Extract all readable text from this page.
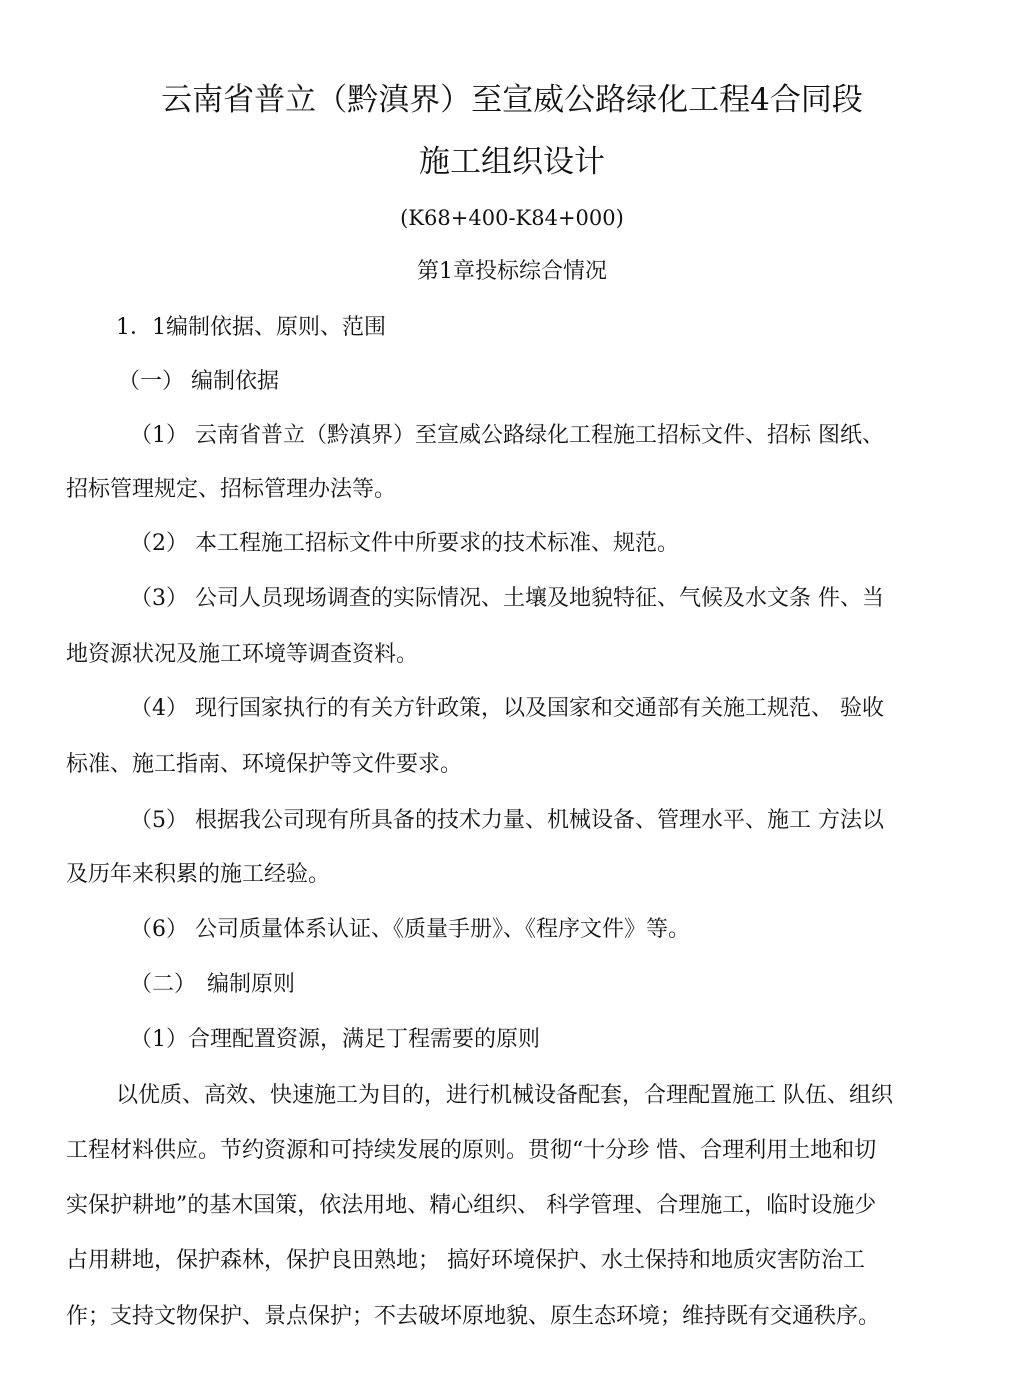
云南省普立（黔滇界）至宣威公路绿化工程4合同段
施工组织设计
(K68+400-K84+000)
第1章投标综合情况
1．1编制依据、原则、范围
（一） 编制依据
（1） 云南省普立（黔滇界）至宣威公路绿化工程施工招标文件、招标 图纸、
招标管理规定、招标管理办法等。
（2） 本工程施工招标文件中所要求的技术标准、规范。
（3） 公司人员现场调查的实际情况、土壤及地貌特征、气候及水文条 件、当
地资源状况及施工环境等调查资料。
（4） 现行国家执行的有关方针政策，以及国家和交通部有关施工规范、 验收
标准、施工指南、环境保护等文件要求。
（5） 根据我公司现有所具备的技术力量、机械设备、管理水平、施工 方法以
及历年来积累的施工经验。
（6） 公司质量体系认证、《质量手册》、《程序文件》等。
（二）　编制原则
（1）合理配置资源，满足丁程需要的原则
以优质、高效、快速施工为目的，进行机械设备配套，合理配置施工 队伍、组织
工程材料供应。节约资源和可持续发展的原则。贯彻“十分珍 惜、合理利用土地和切
实保护耕地”的基木国策，依法用地、精心组织、 科学管理、合理施工，临时设施少
占用耕地，保护森林，保护良田熟地； 搞好环境保护、水土保持和地质灾害防治工
作；支持文物保护、景点保护；不去破坏原地貌、原生态环境；维持既有交通秩序。
